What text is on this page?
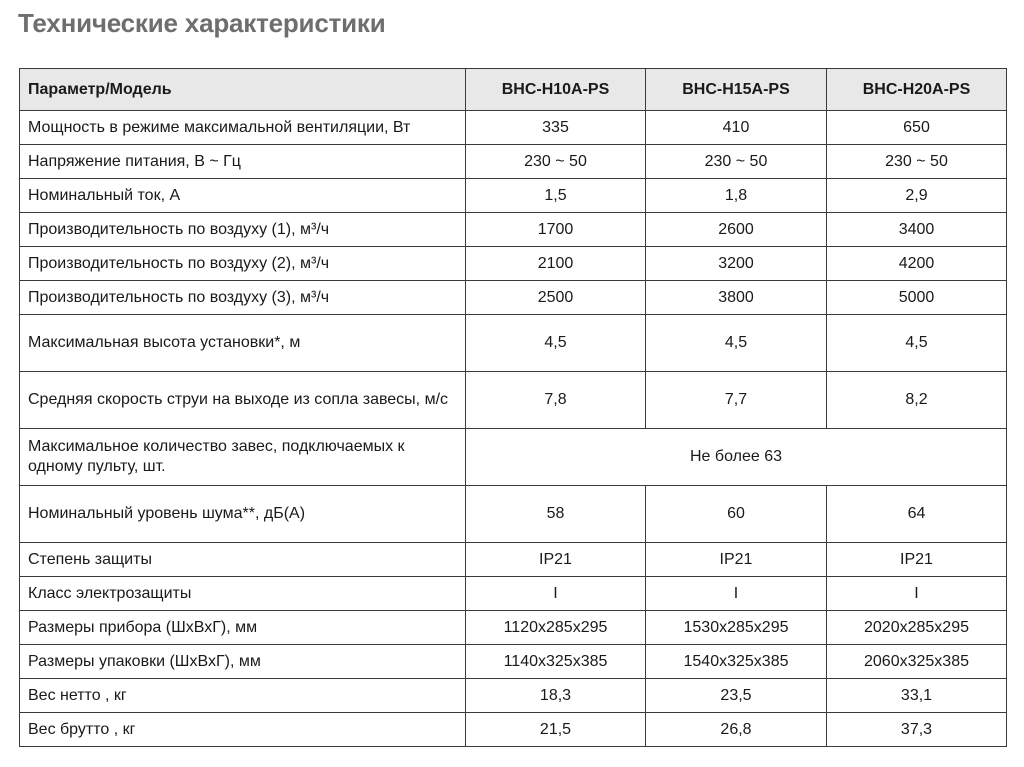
Технические характеристики
Параметр/Модель	BHC-H10A-PS	BHC-H15A-PS	BHC-H20A-PS
Мощность в режиме максимальной вентиляции, Вт	335	410	650
Напряжение питания, В ~ Гц	230 ~ 50	230 ~ 50	230 ~ 50
Номинальный ток, А	1,5	1,8	2,9
Производительность по воздуху (1), м³/ч	1700	2600	3400
Производительность по воздуху (2), м³/ч	2100	3200	4200
Производительность по воздуху (3), м³/ч	2500	3800	5000
Максимальная высота установки*, м	4,5	4,5	4,5
Средняя скорость струи на выходе из сопла завесы, м/с	7,8	7,7	8,2
Максимальное количество завес, подключаемых к одному пульту, шт.	Не более 63		
Номинальный уровень шума**, дБ(А)	58	60	64
Степень защиты	IP21	IP21	IP21
Класс электрозащиты	I	I	I
Размеры прибора (ШхВхГ), мм	1120x285x295	1530x285x295	2020x285x295
Размеры упаковки (ШхВхГ), мм	1140x325x385	1540x325x385	2060x325x385
Вес нетто , кг	18,3	23,5	33,1
Вес брутто , кг	21,5	26,8	37,3
